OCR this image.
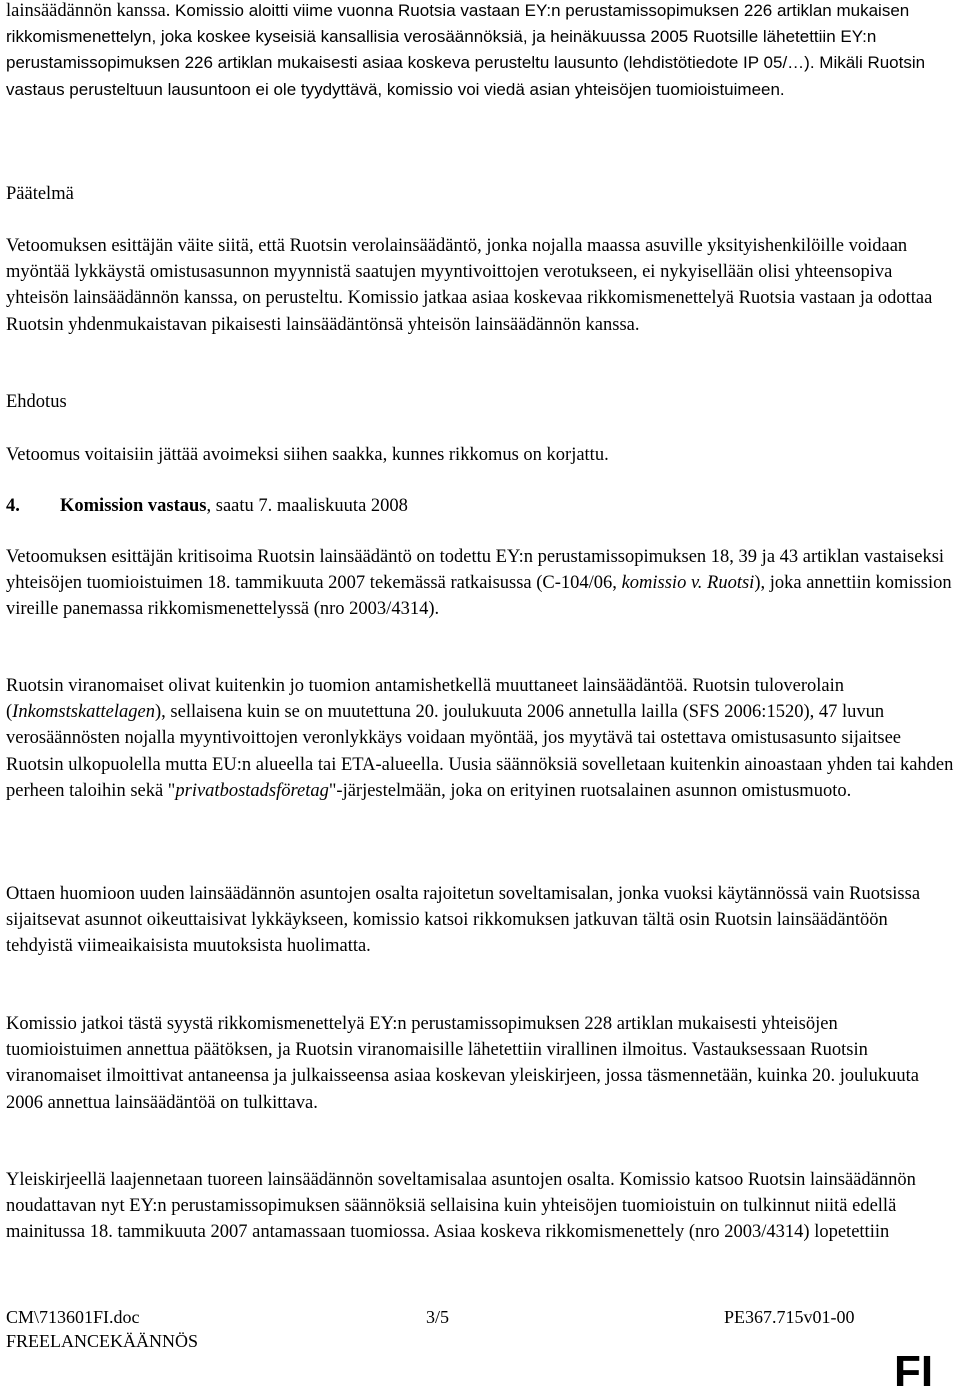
lainsäädännön kanssa. Komissio aloitti viime vuonna Ruotsia vastaan EY:n perustamissopimuksen 226 artiklan mukaisen rikkomismenettelyn, joka koskee kyseisiä kansallisia verosäännöksiä, ja heinäkuussa 2005 Ruotsille lähetettiin EY:n perustamissopimuksen 226 artiklan mukaisesti asiaa koskeva perusteltu lausunto (lehdistötiedote IP 05/…). Mikäli Ruotsin vastaus perusteltuun lausuntoon ei ole tyydyttävä, komissio voi viedä asian yhteisöjen tuomioistuimeen.

Päätelmä

Vetoomuksen esittäjän väite siitä, että Ruotsin verolainsäädäntö, jonka nojalla maassa asuville yksityishenkilöille voidaan myöntää lykkäystä omistusasunnon myynnistä saatujen myyntivoittojen verotukseen, ei nykyisellään olisi yhteensopiva yhteisön lainsäädännön kanssa, on perusteltu. Komissio jatkaa asiaa koskevaa rikkomismenettelyä Ruotsia vastaan ja odottaa Ruotsin yhdenmukaistavan pikaisesti lainsäädäntönsä yhteisön lainsäädännön kanssa.

Ehdotus

Vetoomus voitaisiin jättää avoimeksi siihen saakka, kunnes rikkomus on korjattu.

4. Komission vastaus, saatu 7. maaliskuuta 2008

Vetoomuksen esittäjän kritisoima Ruotsin lainsäädäntö on todettu EY:n perustamissopimuksen 18, 39 ja 43 artiklan vastaiseksi yhteisöjen tuomioistuimen 18. tammikuuta 2007 tekemässä ratkaisussa (C-104/06, komissio v. Ruotsi), joka annettiin komission vireille panemassa rikkomismenettelyssä (nro 2003/4314).

Ruotsin viranomaiset olivat kuitenkin jo tuomion antamishetkellä muuttaneet lainsäädäntöä. Ruotsin tuloverolain (Inkomstskattelagen), sellaisena kuin se on muutettuna 20. joulukuuta 2006 annetulla lailla (SFS 2006:1520), 47 luvun verosäännösten nojalla myyntivoittojen veronlykkäys voidaan myöntää, jos myytävä tai ostettava omistusasunto sijaitsee Ruotsin ulkopuolella mutta EU:n alueella tai ETA-alueella. Uusia säännöksiä sovelletaan kuitenkin ainoastaan yhden tai kahden perheen taloihin sekä "privatbostadsföretag"-järjestelmään, joka on erityinen ruotsalainen asunnon omistusmuoto.

Ottaen huomioon uuden lainsäädännön asuntojen osalta rajoitetun soveltamisalan, jonka vuoksi käytännössä vain Ruotsissa sijaitsevat asunnot oikeuttaisivat lykkäykseen, komissio katsoi rikkomuksen jatkuvan tältä osin Ruotsin lainsäädäntöön tehdyistä viimeaikaisista muutoksista huolimatta.

Komissio jatkoi tästä syystä rikkomismenettelyä EY:n perustamissopimuksen 228 artiklan mukaisesti yhteisöjen tuomioistuimen annettua päätöksen, ja Ruotsin viranomaisille lähetettiin virallinen ilmoitus. Vastauksessaan Ruotsin viranomaiset ilmoittivat antaneensa ja julkaisseensa asiaa koskevan yleiskirjeen, jossa täsmennetään, kuinka 20. joulukuuta 2006 annettua lainsäädäntöä on tulkittava.

Yleiskirjeellä laajennetaan tuoreen lainsäädännön soveltamisalaa asuntojen osalta. Komissio katsoo Ruotsin lainsäädännön noudattavan nyt EY:n perustamissopimuksen säännöksiä sellaisina kuin yhteisöjen tuomioistuin on tulkinnut niitä edellä mainitussa 18. tammikuuta 2007 antamassaan tuomiossa. Asiaa koskeva rikkomismenettely (nro 2003/4314) lopetettiin

CM\713601FI.doc	3/5	PE367.715v01-00
FREELANCEKÄÄNNÖS
FI
